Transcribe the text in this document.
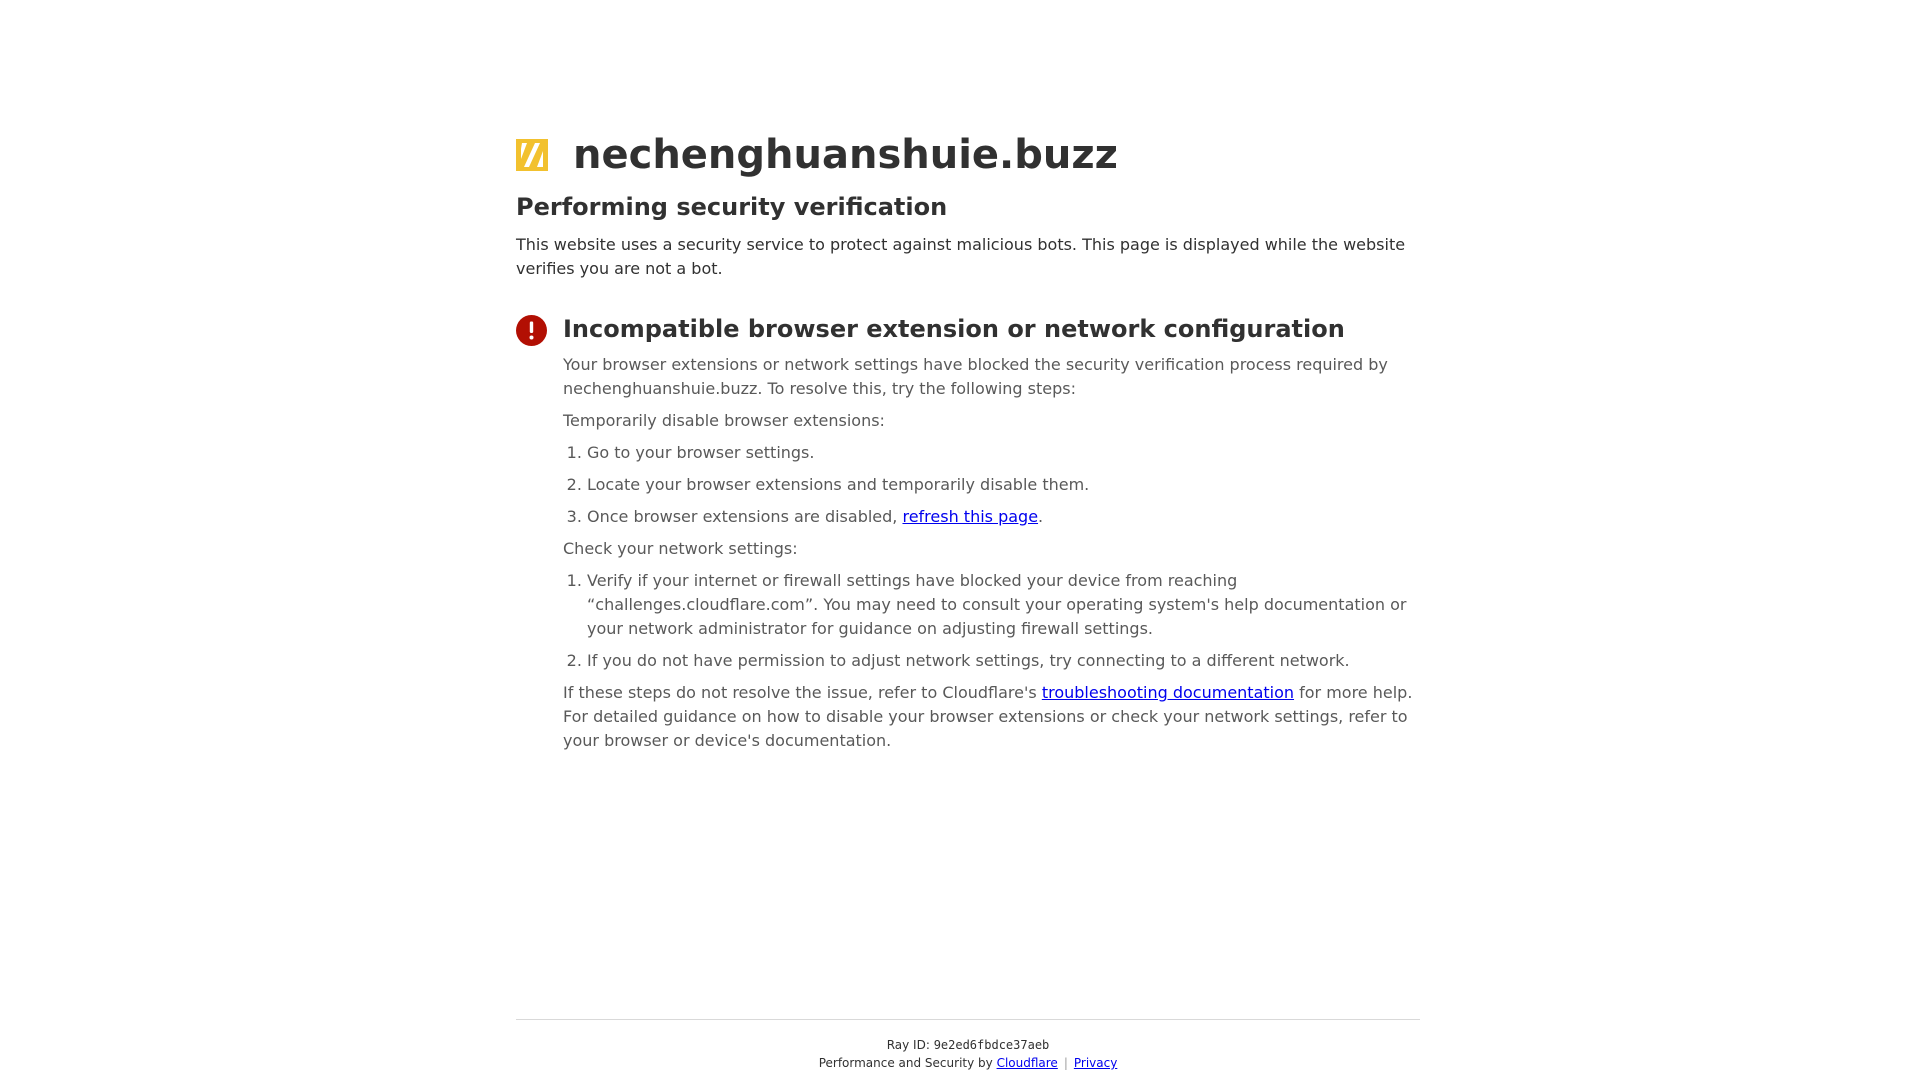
nechenghuanshuie.buzz
Performing security verification

This website uses a security service to protect against malicious bots. This page is displayed while the website verifies you are not a bot.

Incompatible browser extension or network configuration

Your browser extensions or network settings have blocked the security verification process required by nechenghuanshuie.buzz. To resolve this, try the following steps:

Temporarily disable browser extensions:

1. Go to your browser settings.
2. Locate your browser extensions and temporarily disable them.
3. Once browser extensions are disabled, refresh this page.

Check your network settings:

1. Verify if your internet or firewall settings have blocked your device from reaching “challenges.cloudflare.com”. You may need to consult your operating system's help documentation or your network administrator for guidance on adjusting firewall settings.
2. If you do not have permission to adjust network settings, try connecting to a different network.

If these steps do not resolve the issue, refer to Cloudflare's troubleshooting documentation for more help. For detailed guidance on how to disable your browser extensions or check your network settings, refer to your browser or device's documentation.

Ray ID: 9e2ed6fbdce37aeb
Performance and Security by Cloudflare | Privacy
